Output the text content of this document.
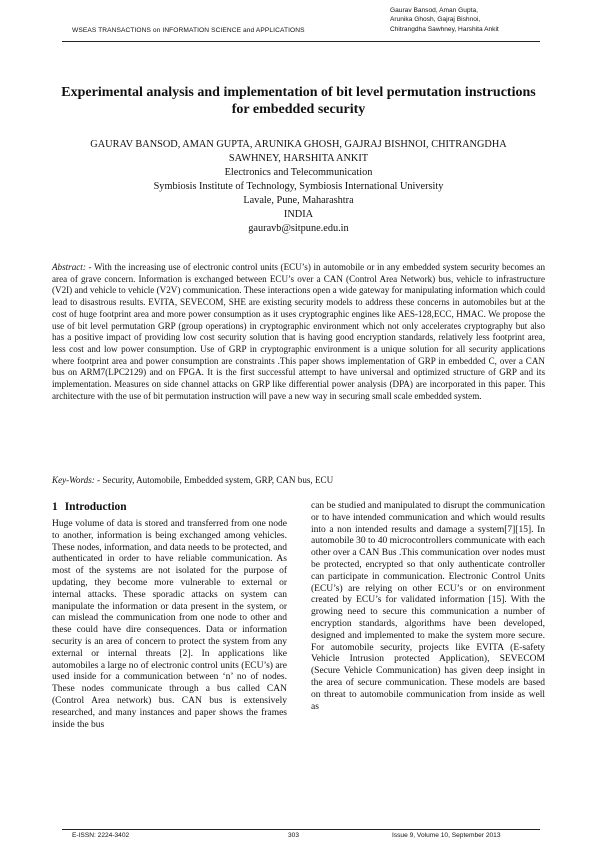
WSEAS TRANSACTIONS on INFORMATION SCIENCE and APPLICATIONS
Gaurav Bansod, Aman Gupta,
Arunika Ghosh, Gajraj Bishnoi,
Chitrangdha Sawhney, Harshita Ankit
Experimental analysis and implementation of bit level permutation instructions for embedded security
GAURAV BANSOD, AMAN GUPTA, ARUNIKA GHOSH, GAJRAJ BISHNOI, CHITRANGDHA
SAWHNEY, HARSHITA ANKIT
Electronics and Telecommunication
Symbiosis Institute of Technology, Symbiosis International University
Lavale, Pune, Maharashtra
INDIA
gauravb@sitpune.edu.in
Abstract: - With the increasing use of electronic control units (ECU’s) in automobile or in any embedded system security becomes an area of grave concern. Information is exchanged between ECU’s over a CAN (Control Area Network) bus, vehicle to infrastructure (V2I) and vehicle to vehicle (V2V) communication. These interactions open a wide gateway for manipulating information which could lead to disastrous results. EVITA, SEVECOM, SHE are existing security models to address these concerns in automobiles but at the cost of huge footprint area and more power consumption as it uses cryptographic engines like AES-128,ECC, HMAC. We propose the use of bit level permutation GRP (group operations) in cryptographic environment which not only accelerates cryptography but also has a positive impact of providing low cost security solution that is having good encryption standards, relatively less footprint area, less cost and low power consumption. Use of GRP in cryptographic environment is a unique solution for all security applications where footprint area and power consumption are constraints .This paper shows implementation of GRP in embedded C, over a CAN bus on ARM7(LPC2129) and on FPGA. It is the first successful attempt to have universal and optimized structure of GRP and its implementation. Measures on side channel attacks on GRP like differential power analysis (DPA) are incorporated in this paper. This architecture with the use of bit permutation instruction will pave a new way in securing small scale embedded system.
Key-Words: - Security, Automobile, Embedded system, GRP, CAN bus, ECU
1 Introduction
Huge volume of data is stored and transferred from one node to another, information is being exchanged among vehicles. These nodes, information, and data needs to be protected, and authenticated in order to have reliable communication. As most of the systems are not isolated for the purpose of updating, they become more vulnerable to external or internal attacks. These sporadic attacks on system can manipulate the information or data present in the system, or can mislead the communication from one node to other and these could have dire consequences. Data or information security is an area of concern to protect the system from any external or internal threats [2]. In applications like automobiles a large no of electronic control units (ECU’s) are used inside for a communication between ‘n’ no of nodes. These nodes communicate through a bus called CAN (Control Area network) bus. CAN bus is extensively researched, and many instances and paper shows the frames inside the bus
can be studied and manipulated to disrupt the communication or to have intended communication and which would results into a non intended results and damage a system[7][15]. In automobile 30 to 40 microcontrollers communicate with each other over a CAN Bus .This communication over nodes must be protected, encrypted so that only authenticate controller can participate in communication. Electronic Control Units (ECU’s) are relying on other ECU’s or on environment created by ECU’s for validated information [15]. With the growing need to secure this communication a number of encryption standards, algorithms have been developed, designed and implemented to make the system more secure. For automobile security, projects like EVITA (E-safety Vehicle Intrusion protected Application), SEVECOM (Secure Vehicle Communication) has given deep insight in the area of secure communication. These models are based on threat to automobile communication from inside as well as
E-ISSN: 2224-3402	303	Issue 9, Volume 10, September 2013
